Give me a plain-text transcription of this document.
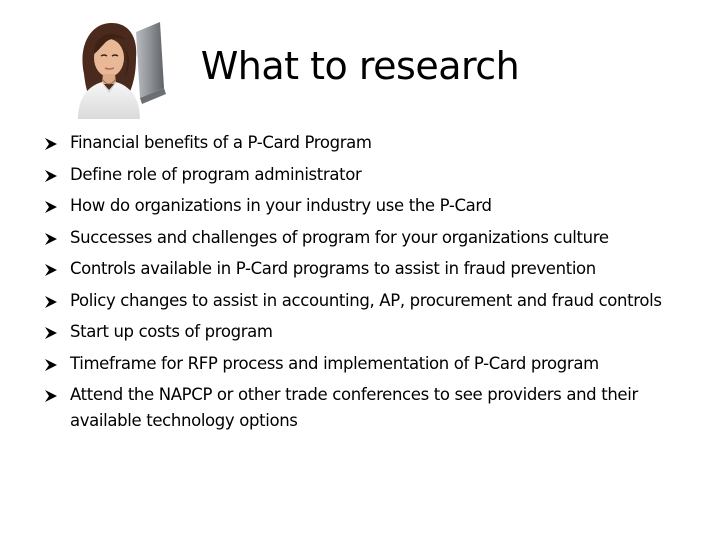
What to research
Financial benefits of a P-Card Program
Define role of program administrator
How do organizations in your industry use the P-Card
Successes and challenges of program for your organizations culture
Controls available in P-Card programs to assist in fraud prevention
Policy changes to assist in accounting, AP, procurement and fraud controls
Start up costs of program
Timeframe for RFP process and implementation of P-Card program
Attend the NAPCP or other trade conferences to see providers and their available technology options
